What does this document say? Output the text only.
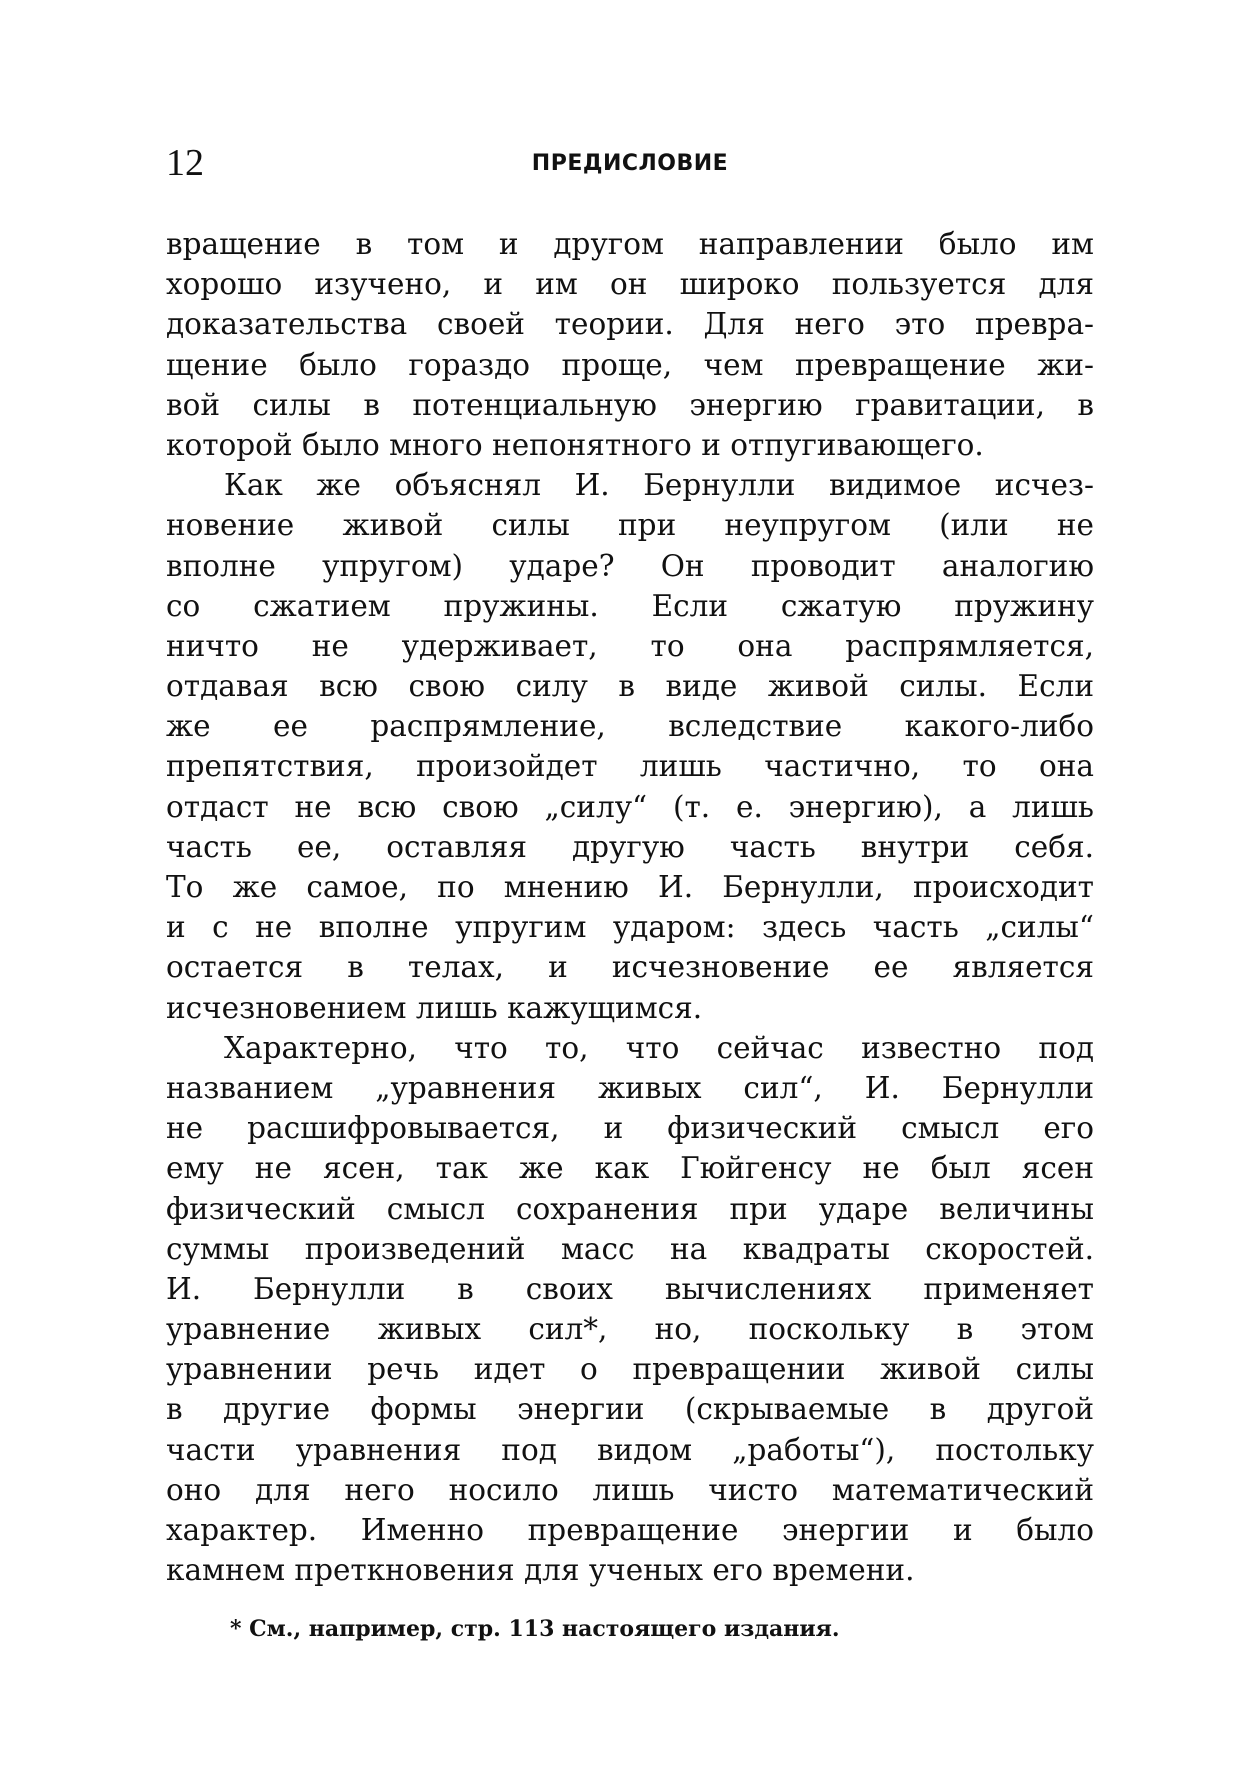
12	ПРЕДИСЛОВИЕ
вращение в том и другом направлении было им
хорошо изучено, и им он широко пользуется для
доказательства своей теории. Для него это превра-
щение было гораздо проще, чем превращение жи-
вой силы в потенциальную энергию гравитации, в
которой было много непонятного и отпугивающего.
Как же объяснял И. Бернулли видимое исчез-
новение живой силы при неупругом (или не
вполне упругом) ударе? Он проводит аналогию
со сжатием пружины. Если сжатую пружину
ничто не удерживает, то она распрямляется,
отдавая всю свою силу в виде живой силы. Если
же ее распрямление, вследствие какого-либо
препятствия, произойдет лишь частично, то она
отдаст не всю свою „силу“ (т. е. энергию), а лишь
часть ее, оставляя другую часть внутри себя.
То же самое, по мнению И. Бернулли, происходит
и с не вполне упругим ударом: здесь часть „силы“
остается в телах, и исчезновение ее является
исчезновением лишь кажущимся.
Характерно, что то, что сейчас известно под
названием „уравнения живых сил“, И. Бернулли
не расшифровывается, и физический смысл его
ему не ясен, так же как Гюйгенсу не был ясен
физический смысл сохранения при ударе величины
суммы произведений масс на квадраты скоростей.
И. Бернулли в своих вычислениях применяет
уравнение живых сил*, но, поскольку в этом
уравнении речь идет о превращении живой силы
в другие формы энергии (скрываемые в другой
части уравнения под видом „работы“), постольку
оно для него носило лишь чисто математический
характер. Именно превращение энергии и было
камнем преткновения для ученых его времени.
* См., например, стр. 113 настоящего издания.
